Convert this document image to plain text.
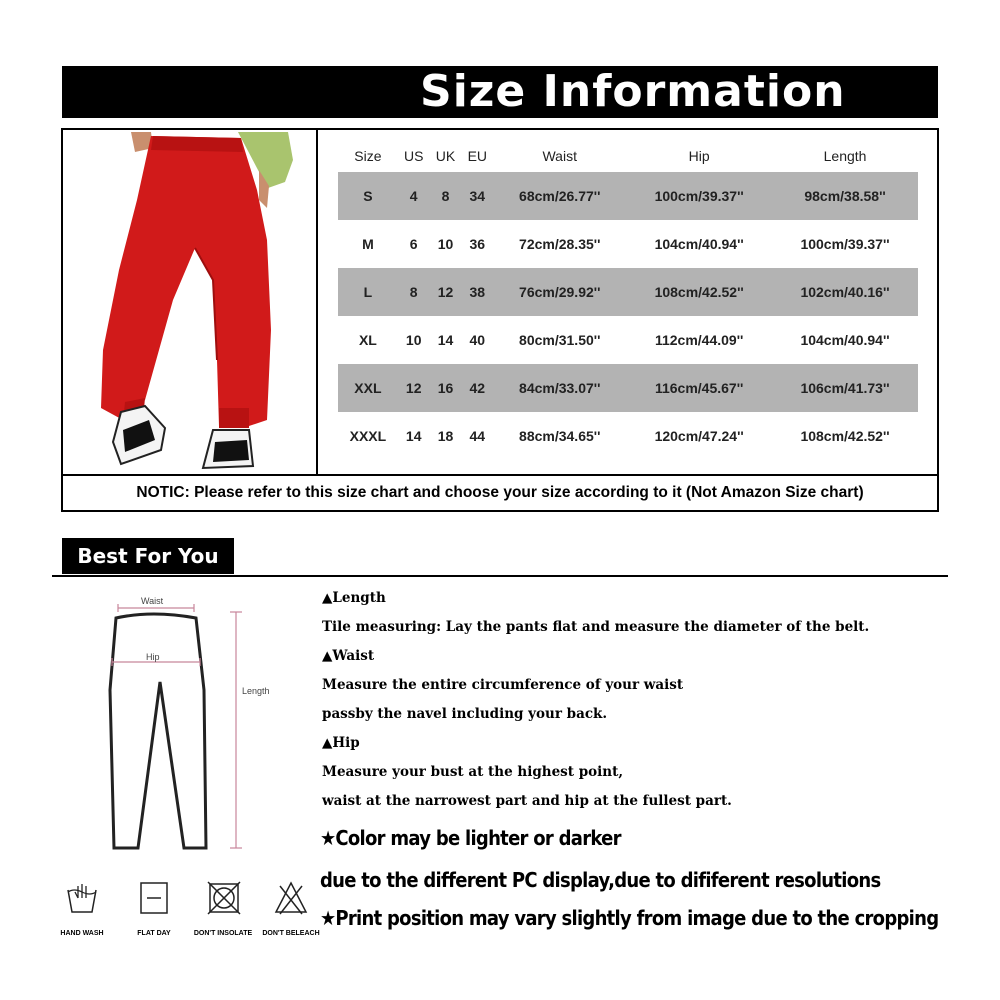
Size Information
Size	US	UK	EU	Waist	Hip	Length
S	4	8	34	68cm/26.77''	100cm/39.37''	98cm/38.58''
M	6	10	36	72cm/28.35''	104cm/40.94''	100cm/39.37''
L	8	12	38	76cm/29.92''	108cm/42.52''	102cm/40.16''
XL	10	14	40	80cm/31.50''	112cm/44.09''	104cm/40.94''
XXL	12	16	42	84cm/33.07''	116cm/45.67''	106cm/41.73''
XXXL	14	18	44	88cm/34.65''	120cm/47.24''	108cm/42.52''
NOTIC: Please refer to this size chart and choose your size according to it (Not Amazon Size chart)
Best For You
Waist
Hip
Length
HAND WASH	FLAT DAY	DON'T INSOLATE	DON'T BELEACH
▲Length
Tile measuring: Lay the pants flat and measure the diameter of the belt.
▲Waist
Measure the entire circumference of your waist
passby the navel including your back.
▲Hip
Measure your bust at the highest point,
waist at the narrowest part and hip at the fullest part.
★Color may be lighter or darker
due to the different PC display,due to dififerent resolutions
★Print position may vary slightly from image due to the cropping
